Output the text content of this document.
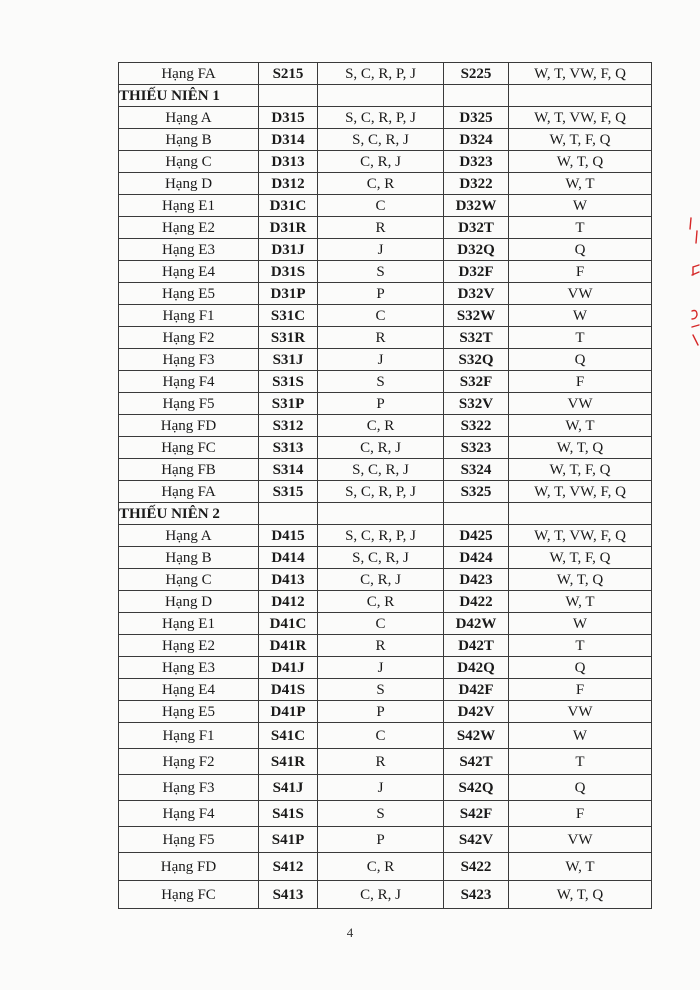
Hạng FA	S215	S, C, R, P, J	S225	W, T, VW, F, Q
THIẾU NIÊN 1				
Hạng A	D315	S, C, R, P, J	D325	W, T, VW, F, Q
Hạng B	D314	S, C, R, J	D324	W, T, F, Q
Hạng C	D313	C, R, J	D323	W, T, Q
Hạng D	D312	C, R	D322	W, T
Hạng E1	D31C	C	D32W	W
Hạng E2	D31R	R	D32T	T
Hạng E3	D31J	J	D32Q	Q
Hạng E4	D31S	S	D32F	F
Hạng E5	D31P	P	D32V	VW
Hạng F1	S31C	C	S32W	W
Hạng F2	S31R	R	S32T	T
Hạng F3	S31J	J	S32Q	Q
Hạng F4	S31S	S	S32F	F
Hạng F5	S31P	P	S32V	VW
Hạng FD	S312	C, R	S322	W, T
Hạng FC	S313	C, R, J	S323	W, T, Q
Hạng FB	S314	S, C, R, J	S324	W, T, F, Q
Hạng FA	S315	S, C, R, P, J	S325	W, T, VW, F, Q
THIẾU NIÊN 2				
Hạng A	D415	S, C, R, P, J	D425	W, T, VW, F, Q
Hạng B	D414	S, C, R, J	D424	W, T, F, Q
Hạng C	D413	C, R, J	D423	W, T, Q
Hạng D	D412	C, R	D422	W, T
Hạng E1	D41C	C	D42W	W
Hạng E2	D41R	R	D42T	T
Hạng E3	D41J	J	D42Q	Q
Hạng E4	D41S	S	D42F	F
Hạng E5	D41P	P	D42V	VW
Hạng F1	S41C	C	S42W	W
Hạng F2	S41R	R	S42T	T
Hạng F3	S41J	J	S42Q	Q
Hạng F4	S41S	S	S42F	F
Hạng F5	S41P	P	S42V	VW
Hạng FD	S412	C, R	S422	W, T
Hạng FC	S413	C, R, J	S423	W, T, Q
4
